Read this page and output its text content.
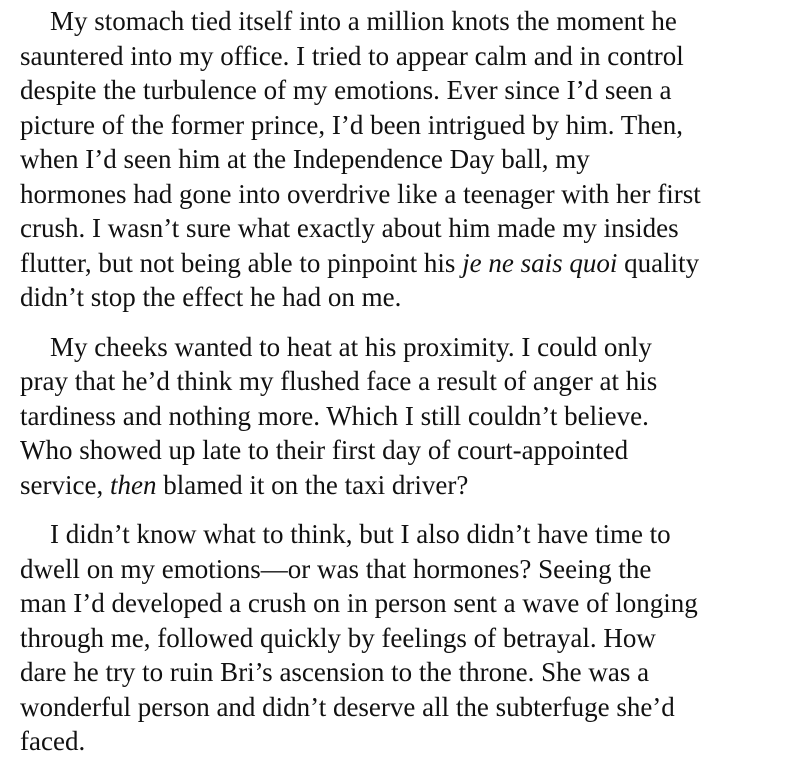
My stomach tied itself into a million knots the moment he
sauntered into my office. I tried to appear calm and in control
despite the turbulence of my emotions. Ever since I’d seen a
picture of the former prince, I’d been intrigued by him. Then,
when I’d seen him at the Independence Day ball, my
hormones had gone into overdrive like a teenager with her first
crush. I wasn’t sure what exactly about him made my insides
flutter, but not being able to pinpoint his je ne sais quoi quality
didn’t stop the effect he had on me.
My cheeks wanted to heat at his proximity. I could only
pray that he’d think my flushed face a result of anger at his
tardiness and nothing more. Which I still couldn’t believe.
Who showed up late to their first day of court-appointed
service, then blamed it on the taxi driver?
I didn’t know what to think, but I also didn’t have time to
dwell on my emotions—or was that hormones? Seeing the
man I’d developed a crush on in person sent a wave of longing
through me, followed quickly by feelings of betrayal. How
dare he try to ruin Bri’s ascension to the throne. She was a
wonderful person and didn’t deserve all the subterfuge she’d
faced.
